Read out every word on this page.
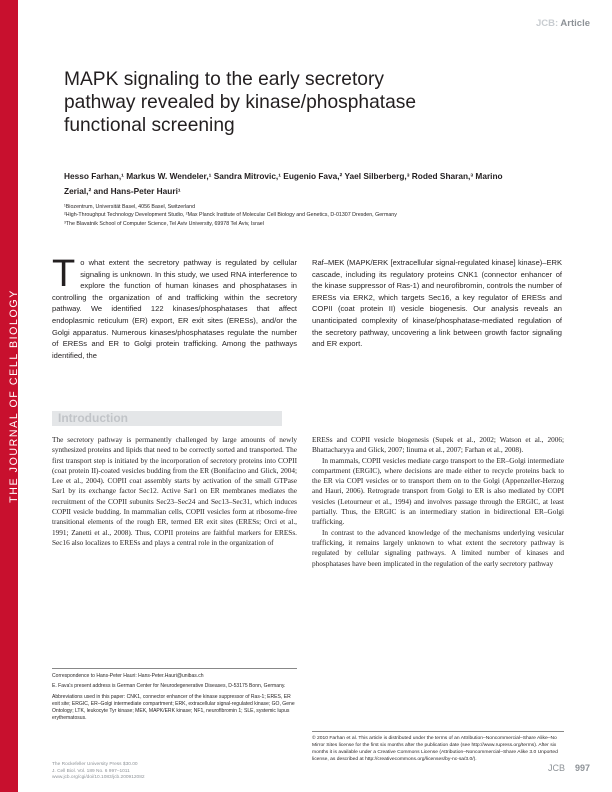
THE JOURNAL OF CELL BIOLOGY
JCB: Article
MAPK signaling to the early secretory pathway revealed by kinase/phosphatase functional screening
Hesso Farhan,¹ Markus W. Wendeler,¹ Sandra Mitrovic,¹ Eugenio Fava,² Yael Silberberg,³ Roded Sharan,³ Marino Zerial,² and Hans-Peter Hauri¹
¹Biozentrum, Universität Basel, 4056 Basel, Switzerland
²High-Throughput Technology Development Studio, ²Max Planck Institute of Molecular Cell Biology and Genetics, D-01307 Dresden, Germany
³The Blavatnik School of Computer Science, Tel Aviv University, 69978 Tel Aviv, Israel
To what extent the secretory pathway is regulated by cellular signaling is unknown. In this study, we used RNA interference to explore the function of human kinases and phosphatases in controlling the organization of and trafficking within the secretory pathway. We identified 122 kinases/phosphatases that affect endoplasmic reticulum (ER) export, ER exit sites (ERESs), and/or the Golgi apparatus. Numerous kinases/phosphatases regulate the number of ERESs and ER to Golgi protein trafficking. Among the pathways identified, the
Raf–MEK (MAPK/ERK [extracellular signal-regulated kinase] kinase)–ERK cascade, including its regulatory proteins CNK1 (connector enhancer of the kinase suppressor of Ras-1) and neurofibromin, controls the number of ERESs via ERK2, which targets Sec16, a key regulator of ERESs and COPII (coat protein II) vesicle biogenesis. Our analysis reveals an unanticipated complexity of kinase/phosphatase-mediated regulation of the secretory pathway, uncovering a link between growth factor signaling and ER export.
Introduction

The secretory pathway is permanently challenged by large amounts of newly synthesized proteins and lipids that need to be correctly sorted and transported. The first transport step is initiated by the incorporation of secretory proteins into COPII (coat protein II)-coated vesicles budding from the ER (Bonifacino and Glick, 2004; Lee et al., 2004). COPII coat assembly starts by activation of the small GTPase Sar1 by its exchange factor Sec12. Active Sar1 on ER membranes mediates the recruitment of the COPII subunits Sec23–Sec24 and Sec13–Sec31, which induces COPII vesicle budding. In mammalian cells, COPII vesicles form at ribosome-free transitional elements of the rough ER, termed ER exit sites (ERESs; Orci et al., 1991; Zanetti et al., 2008). Thus, COPII proteins are faithful markers for ERESs. Sec16 also localizes to ERESs and plays a central role in the organization of

ERESs and COPII vesicle biogenesis (Supek et al., 2002; Watson et al., 2006; Bhattacharyya and Glick, 2007; Iinuma et al., 2007; Farhan et al., 2008).

In mammals, COPII vesicles mediate cargo transport to the ER–Golgi intermediate compartment (ERGIC), where decisions are made either to recycle proteins back to the ER via COPI vesicles or to transport them on to the Golgi (Appenzeller-Herzog and Hauri, 2006). Retrograde transport from Golgi to ER is also mediated by COPI vesicles (Letourneur et al., 1994) and involves passage through the ERGIC, at least partially. Thus, the ERGIC is an intermediary station in bidirectional ER–Golgi trafficking.

In contrast to the advanced knowledge of the mechanisms underlying vesicular trafficking, it remains largely unknown to what extent the secretory pathway is regulated by cellular signaling pathways. A limited number of kinases and phosphatases have been implicated in the regulation of the early secretory pathway

Correspondence to Hans-Peter Hauri: Hans-Peter.Hauri@unibas.ch

E. Fava's present address is German Center for Neurodegenerative Diseases, D-53175 Bonn, Germany.

Abbreviations used in this paper: CNK1, connector enhancer of the kinase suppressor of Ras-1; ERES, ER exit site; ERGIC, ER–Golgi intermediate compartment; ERK, extracellular signal-regulated kinase; GO, Gene Ontology; LTK, leukocyte Tyr kinase; MEK, MAPK/ERK kinase; NF1, neurofibromin 1; SLE, systemic lupus erythematosus.

© 2010 Farhan et al. This article is distributed under the terms of an Attribution–Noncommercial–Share Alike–No Mirror Sites license for the first six months after the publication date (see http://www.rupress.org/terms). After six months it is available under a Creative Commons License (Attribution–Noncommercial–Share Alike 3.0 Unported license, as described at http://creativecommons.org/licenses/by-nc-sa/3.0/).
The Rockefeller University Press $30.00
J. Cell Biol. Vol. 189 No. 6 997–1011
www.jcb.org/cgi/doi/10.1083/jcb.200912082
JCB 997
